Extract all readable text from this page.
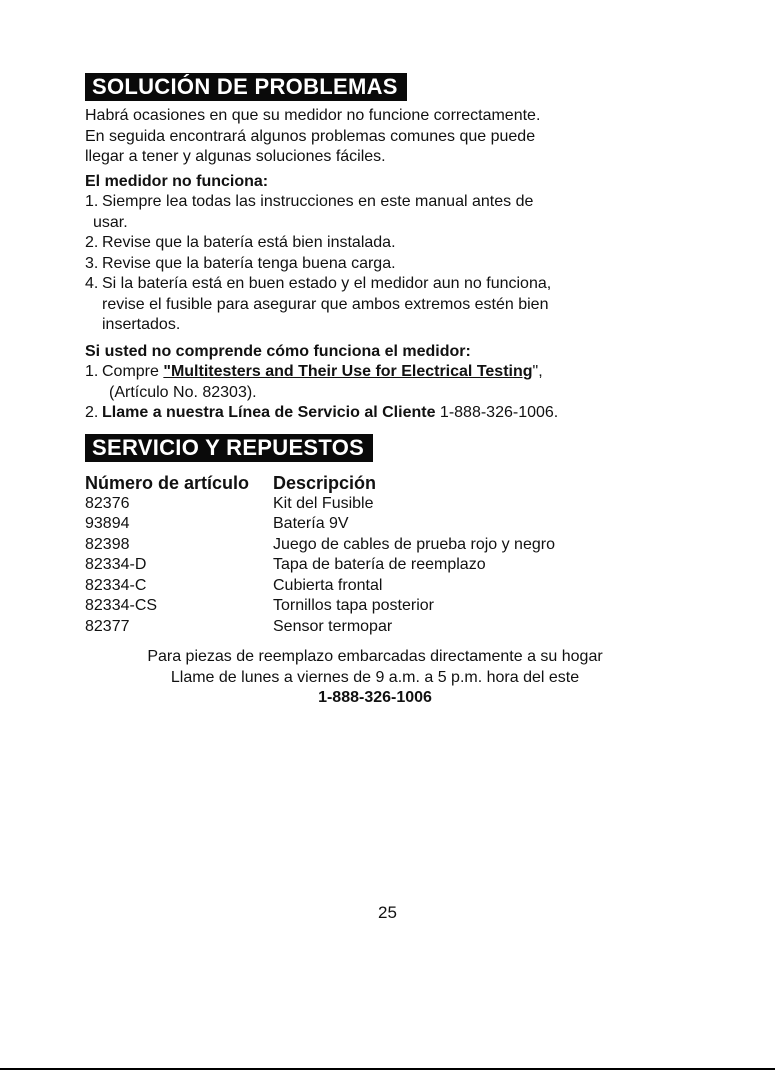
SOLUCIÓN DE PROBLEMAS

Habrá ocasiones en que su medidor no funcione correctamente.

En seguida encontrará algunos problemas comunes que puede

llegar a tener y algunas soluciones fáciles.

El medidor no funciona:

1. Siempre lea todas las instrucciones en este manual antes de
usar.
2. Revise que la batería está bien instalada.
3. Revise que la batería tenga buena carga.
4. Si la batería está en buen estado y el medidor aun no funciona,
revise el fusible para asegurar que ambos extremos estén bien
insertados.

Si usted no comprende cómo funciona el medidor:

1. Compre "Multitesters and Their Use for Electrical Testing",
(Artículo No. 82303).
2. Llame a nuestra Línea de Servicio al Cliente 1-888-326-1006.
SERVICIO Y REPUESTOS
Número de artículo	Descripción
82376	Kit del Fusible
93894	Batería 9V
82398	Juego de cables de prueba rojo y negro
82334-D	Tapa de batería de reemplazo
82334-C	Cubierta frontal
82334-CS	Tornillos tapa posterior
82377	Sensor termopar
Para piezas de reemplazo embarcadas directamente a su hogar
Llame de lunes a viernes de 9 a.m. a 5 p.m. hora del este
1-888-326-1006
25
